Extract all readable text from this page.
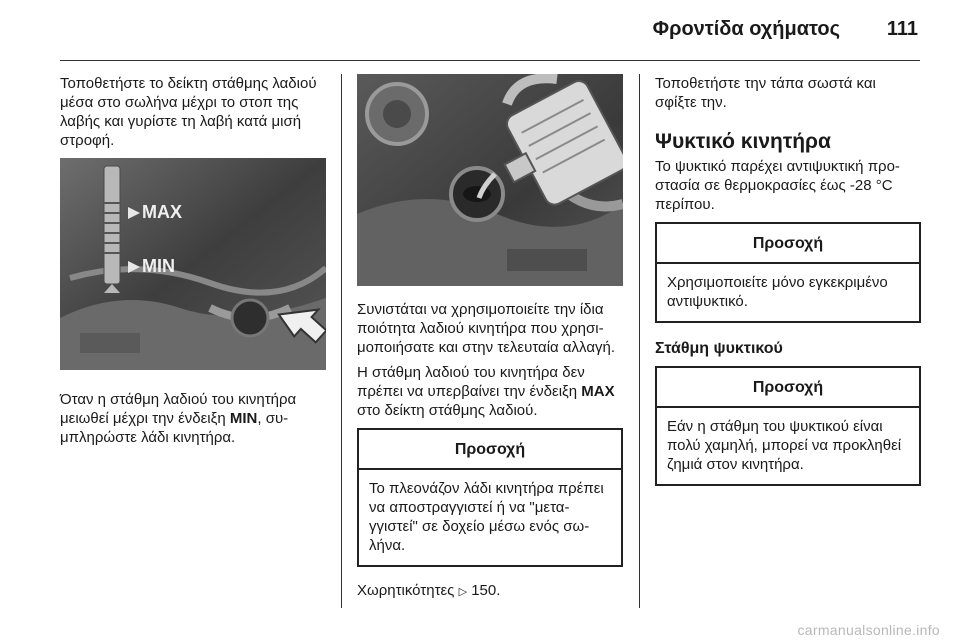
Φροντίδα οχήματος 111

Τοποθετήστε το δείκτη στάθμης λαδιού μέσα στο σωλήνα μέχρι το στοπ της λαβής και γυρίστε τη λαβή κατά μισή στροφή.

MAX
MIN

Όταν η στάθμη λαδιού του κινητήρα μειωθεί μέχρι την ένδειξη MIN, συμπληρώστε λάδι κινητήρα.

Συνιστάται να χρησιμοποιείτε την ίδια ποιότητα λαδιού κινητήρα που χρησιμοποιήσατε και στην τελευταία αλλαγή.

Η στάθμη λαδιού του κινητήρα δεν πρέπει να υπερβαίνει την ένδειξη MAX στο δείκτη στάθμης λαδιού.

Προσοχή
Το πλεονάζον λάδι κινητήρα πρέπει να αποστραγγιστεί ή να "μεταγγιστεί" σε δοχείο μέσω ενός σωλήνα.

Χωρητικότητες ▷ 150.

Τοποθετήστε την τάπα σωστά και σφίξτε την.

Ψυκτικό κινητήρα

Το ψυκτικό παρέχει αντιψυκτική προστασία σε θερμοκρασίες έως -28 °C περίπου.

Προσοχή
Χρησιμοποιείτε μόνο εγκεκριμένο αντιψυκτικό.
Στάθμη ψυκτικού
Προσοχή
Εάν η στάθμη του ψυκτικού είναι πολύ χαμηλή, μπορεί να προκληθεί ζημιά στον κινητήρα.
carmanualsonline.info
